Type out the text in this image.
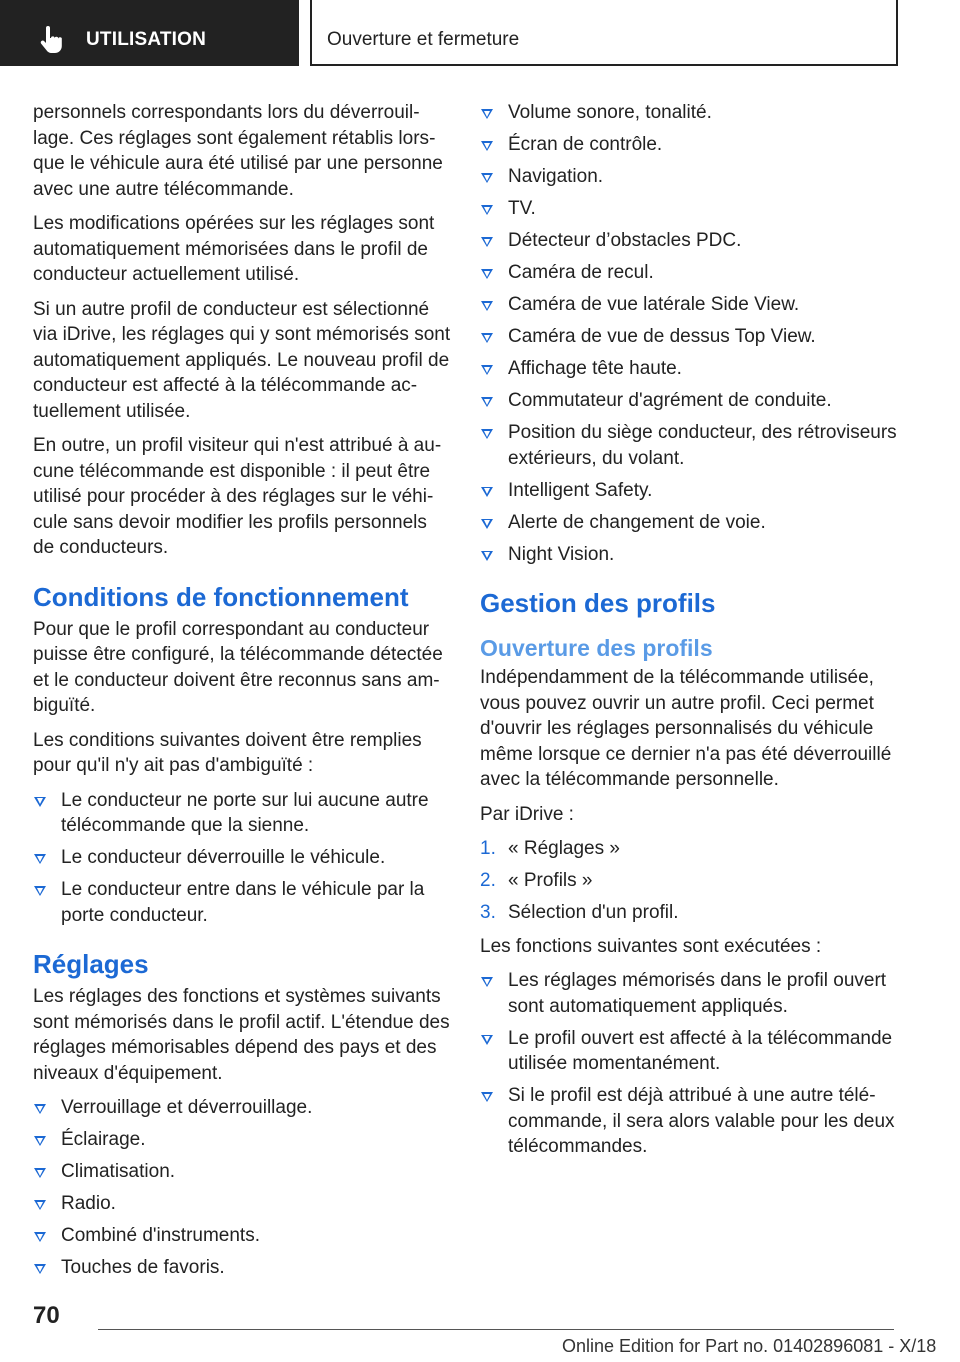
UTILISATION	Ouverture et fermeture

personnels correspondants lors du déverrouillage. Ces réglages sont également rétablis lorsque le véhicule aura été utilisé par une personne avec une autre télécommande.

Les modifications opérées sur les réglages sont automatiquement mémorisées dans le profil de conducteur actuellement utilisé.

Si un autre profil de conducteur est sélectionné via iDrive, les réglages qui y sont mémorisés sont automatiquement appliqués. Le nouveau profil de conducteur est affecté à la télécommande actuellement utilisée.

En outre, un profil visiteur qui n'est attribué à aucune télécommande est disponible : il peut être utilisé pour procéder à des réglages sur le véhicule sans devoir modifier les profils personnels de conducteurs.

Conditions de fonctionnement

Pour que le profil correspondant au conducteur puisse être configuré, la télécommande détectée et le conducteur doivent être reconnus sans ambiguïté.

Les conditions suivantes doivent être remplies pour qu'il n'y ait pas d'ambiguïté :

Le conducteur ne porte sur lui aucune autre télécommande que la sienne.
Le conducteur déverrouille le véhicule.
Le conducteur entre dans le véhicule par la porte conducteur.
Réglages

Les réglages des fonctions et systèmes suivants sont mémorisés dans le profil actif. L'étendue des réglages mémorisables dépend des pays et des niveaux d'équipement.

Verrouillage et déverrouillage.
Éclairage.
Climatisation.
Radio.
Combiné d'instruments.
Touches de favoris.
Volume sonore, tonalité.
Écran de contrôle.
Navigation.
TV.
Détecteur d’obstacles PDC.
Caméra de recul.
Caméra de vue latérale Side View.
Caméra de vue de dessus Top View.
Affichage tête haute.
Commutateur d'agrément de conduite.
Position du siège conducteur, des rétroviseurs extérieurs, du volant.
Intelligent Safety.
Alerte de changement de voie.
Night Vision.
Gestion des profils
Ouverture des profils

Indépendamment de la télécommande utilisée, vous pouvez ouvrir un autre profil. Ceci permet d'ouvrir les réglages personnalisés du véhicule même lorsque ce dernier n'a pas été déverrouillé avec la télécommande personnelle.

Par iDrive :

1. « Réglages »
2. « Profils »
3. Sélection d'un profil.

Les fonctions suivantes sont exécutées :

Les réglages mémorisés dans le profil ouvert sont automatiquement appliqués.
Le profil ouvert est affecté à la télécommande utilisée momentanément.
Si le profil est déjà attribué à une autre télécommande, il sera alors valable pour les deux télécommandes.
70
Online Edition for Part no. 01402896081 - X/18
